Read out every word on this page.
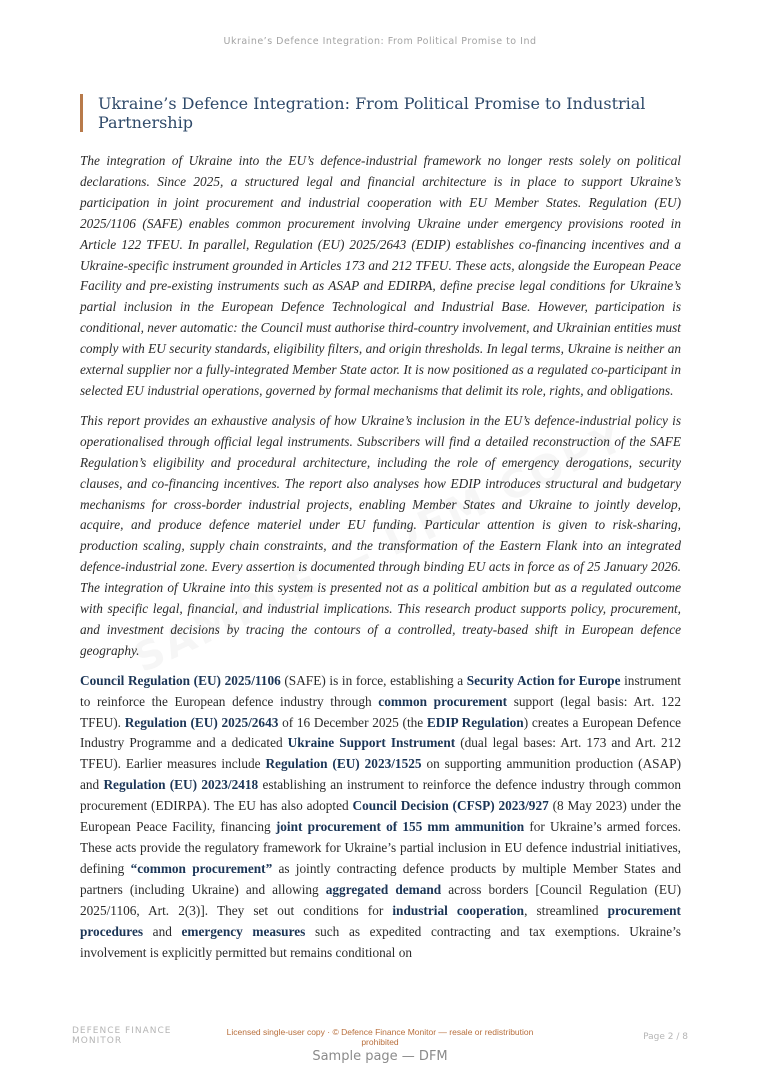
Ukraine’s Defence Integration: From Political Promise to Ind
Ukraine’s Defence Integration: From Political Promise to Industrial Partnership

The integration of Ukraine into the EU’s defence-industrial framework no longer rests solely on political declarations. Since 2025, a structured legal and financial architecture is in place to support Ukraine’s participation in joint procurement and industrial cooperation with EU Member States. Regulation (EU) 2025/1106 (SAFE) enables common procurement involving Ukraine under emergency provisions rooted in Article 122 TFEU. In parallel, Regulation (EU) 2025/2643 (EDIP) establishes co-financing incentives and a Ukraine-specific instrument grounded in Articles 173 and 212 TFEU. These acts, alongside the European Peace Facility and pre-existing instruments such as ASAP and EDIRPA, define precise legal conditions for Ukraine’s partial inclusion in the European Defence Technological and Industrial Base. However, participation is conditional, never automatic: the Council must authorise third-country involvement, and Ukrainian entities must comply with EU security standards, eligibility filters, and origin thresholds. In legal terms, Ukraine is neither an external supplier nor a fully-integrated Member State actor. It is now positioned as a regulated co-participant in selected EU industrial operations, governed by formal mechanisms that delimit its role, rights, and obligations.

This report provides an exhaustive analysis of how Ukraine’s inclusion in the EU’s defence-industrial policy is operationalised through official legal instruments. Subscribers will find a detailed reconstruction of the SAFE Regulation’s eligibility and procedural architecture, including the role of emergency derogations, security clauses, and co-financing incentives. The report also analyses how EDIP introduces structural and budgetary mechanisms for cross-border industrial projects, enabling Member States and Ukraine to jointly develop, acquire, and produce defence materiel under EU funding. Particular attention is given to risk-sharing, production scaling, supply chain constraints, and the transformation of the Eastern Flank into an integrated defence-industrial zone. Every assertion is documented through binding EU acts in force as of 25 January 2026. The integration of Ukraine into this system is presented not as a political ambition but as a regulated outcome with specific legal, financial, and industrial implications. This research product supports policy, procurement, and investment decisions by tracing the contours of a controlled, treaty-based shift in European defence geography.

Council Regulation (EU) 2025/1106 (SAFE) is in force, establishing a Security Action for Europe instrument to reinforce the European defence industry through common procurement support (legal basis: Art. 122 TFEU). Regulation (EU) 2025/2643 of 16 December 2025 (the EDIP Regulation) creates a European Defence Industry Programme and a dedicated Ukraine Support Instrument (dual legal bases: Art. 173 and Art. 212 TFEU). Earlier measures include Regulation (EU) 2023/1525 on supporting ammunition production (ASAP) and Regulation (EU) 2023/2418 establishing an instrument to reinforce the defence industry through common procurement (EDIRPA). The EU has also adopted Council Decision (CFSP) 2023/927 (8 May 2023) under the European Peace Facility, financing joint procurement of 155 mm ammunition for Ukraine’s armed forces. These acts provide the regulatory framework for Ukraine’s partial inclusion in EU defence industrial initiatives, defining “common procurement” as jointly contracting defence products by multiple Member States and partners (including Ukraine) and allowing aggregated demand across borders [Council Regulation (EU) 2025/1106, Art. 2(3)]. They set out conditions for industrial cooperation, streamlined procurement procedures and emergency measures such as expedited contracting and tax exemptions. Ukraine’s involvement is explicitly permitted but remains conditional on

DEFENCE FINANCE
MONITOR
Licensed single-user copy · © Defence Finance Monitor — resale or redistribution
prohibited	Page 2 / 8
Sample page — DFM
